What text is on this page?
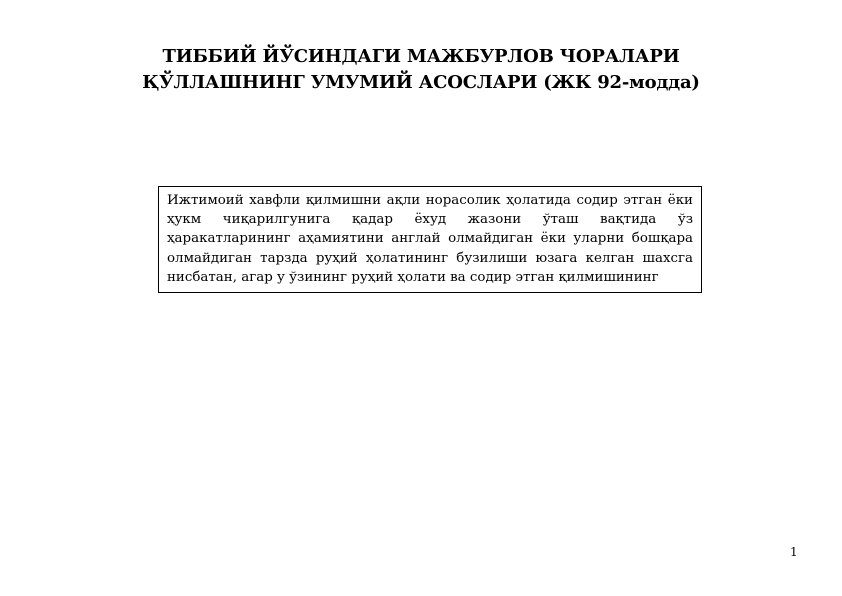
ТИББИЙ ЙЎСИНДАГИ МАЖБУРЛОВ ЧОРАЛАРИ
ҚЎЛЛАШНИНГ УМУМИЙ АСОСЛАРИ (ЖК 92-модда)
Ижтимоий хавфли қилмишни ақли норасолик ҳолатида содир этган ёки ҳукм чиқарилгунига қадар ёхуд жазони ўташ вақтида ўз ҳаракатларининг аҳамиятини англай олмайдиган ёки уларни бошқара олмайдиган тарзда руҳий ҳолатининг бузилиши юзага келган шахсга нисбатан, агар у ўзининг руҳий ҳолати ва содир этган қилмишининг
1
